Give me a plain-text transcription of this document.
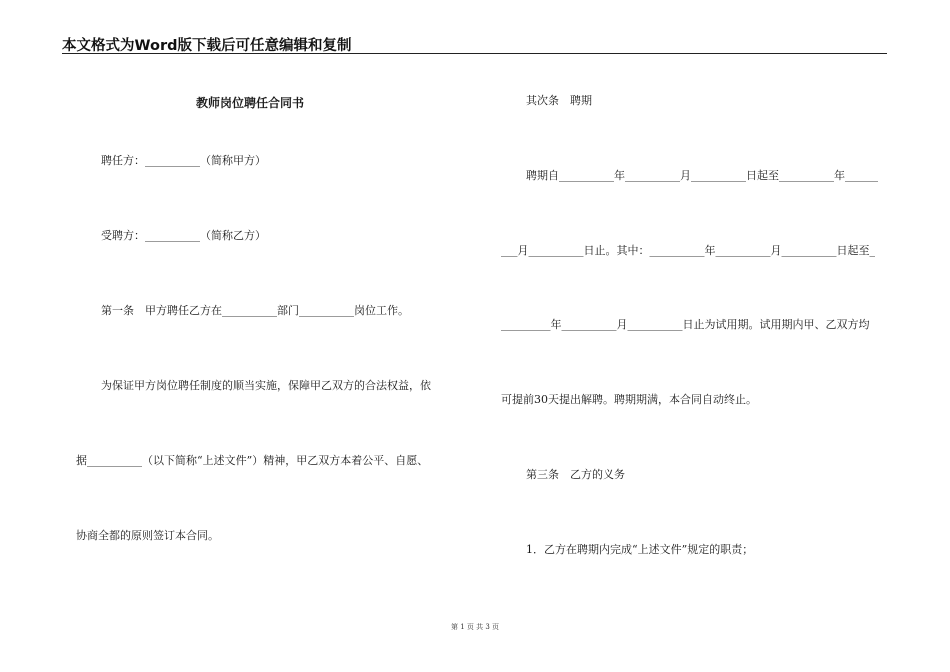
本文格式为Word版下载后可任意编辑和复制
教师岗位聘任合同书
聘任方：__________（简称甲方）
受聘方：__________（简称乙方）
第一条　甲方聘任乙方在__________部门__________岗位工作。
为保证甲方岗位聘任制度的顺当实施，保障甲乙双方的合法权益，依
据__________（以下简称“上述文件”）精神，甲乙双方本着公平、自愿、
协商全都的原则签订本合同。
其次条　聘期
聘期自__________年__________月__________日起至__________年______
___月__________日止。其中：__________年__________月__________日起至_
_________年__________月__________日止为试用期。试用期内甲、乙双方均
可提前30天提出解聘。聘期期满，本合同自动终止。
第三条　乙方的义务
1．乙方在聘期内完成“上述文件”规定的职责；
第 1 页 共 3 页
